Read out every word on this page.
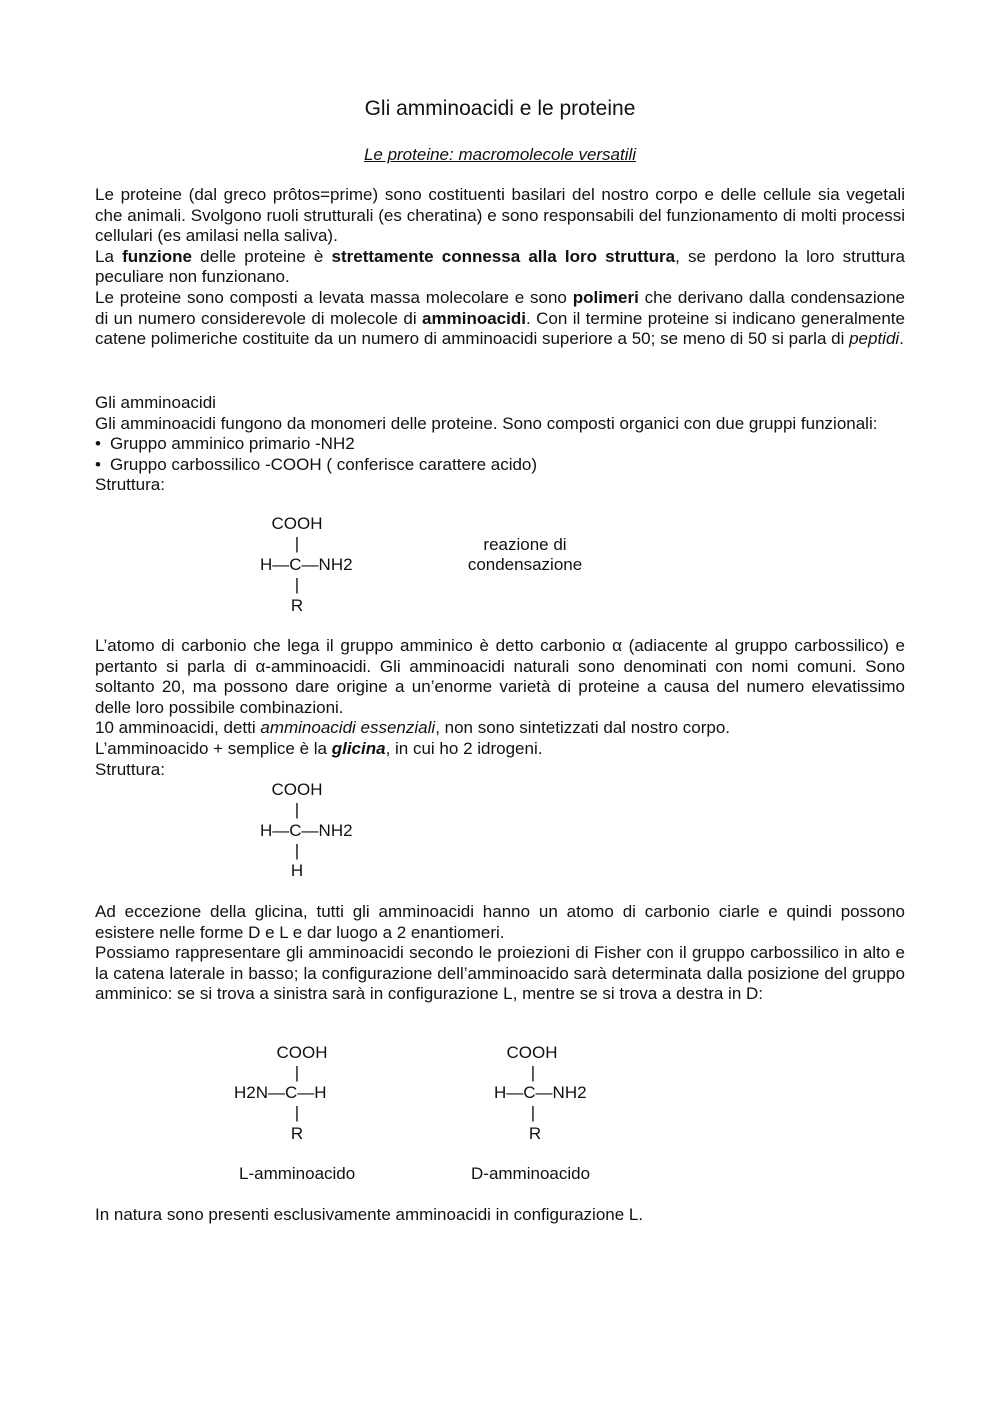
Gli amminoacidi e le proteine
Le proteine: macromolecole versatili

Le proteine (dal greco prôtos=prime) sono costituenti basilari del nostro corpo e delle cellule sia vegetali che animali. Svolgono ruoli strutturali (es cheratina) e sono responsabili del funzionamento di molti processi cellulari (es amilasi nella saliva).

La funzione delle proteine è strettamente connessa alla loro struttura, se perdono la loro struttura peculiare non funzionano.

Le proteine sono composti a levata massa molecolare e sono polimeri che derivano dalla condensazione di un numero considerevole di molecole di amminoacidi. Con il termine proteine si indicano generalmente catene polimeriche costituite da un numero di amminoacidi superiore a 50; se meno di 50 si parla di peptidi.

Gli amminoacidi

Gli amminoacidi fungono da monomeri delle proteine. Sono composti organici con due gruppi funzionali:

• Gruppo amminico primario -NH2

• Gruppo carbossilico -COOH ( conferisce carattere acido)

Struttura:

COOH
|
H—C—NH2
|
R
reazione di
condensazione

L’atomo di carbonio che lega il gruppo amminico è detto carbonio α (adiacente al gruppo carbossilico) e pertanto si parla di α-amminoacidi. Gli amminoacidi naturali sono denominati con nomi comuni. Sono soltanto 20, ma possono dare origine a un’enorme varietà di proteine a causa del numero elevatissimo delle loro possibile combinazioni.

10 amminoacidi, detti amminoacidi essenziali, non sono sintetizzati dal nostro corpo.

L’amminoacido + semplice è la glicina, in cui ho 2 idrogeni.

Struttura:

COOH
|
H—C—NH2
|
H

Ad eccezione della glicina, tutti gli amminoacidi hanno un atomo di carbonio ciarle e quindi possono esistere nelle forme D e L e dar luogo a 2 enantiomeri.

Possiamo rappresentare gli amminoacidi secondo le proiezioni di Fisher con il gruppo carbossilico in alto e la catena laterale in basso; la configurazione dell’amminoacido sarà determinata dalla posizione del gruppo amminico: se si trova a sinistra sarà in configurazione L, mentre se si trova a destra in D:

COOH
|
H2N—C—H
|
R
L-amminoacido
COOH
|
H—C—NH2
|
R
D-amminoacido

In natura sono presenti esclusivamente amminoacidi in configurazione L.
